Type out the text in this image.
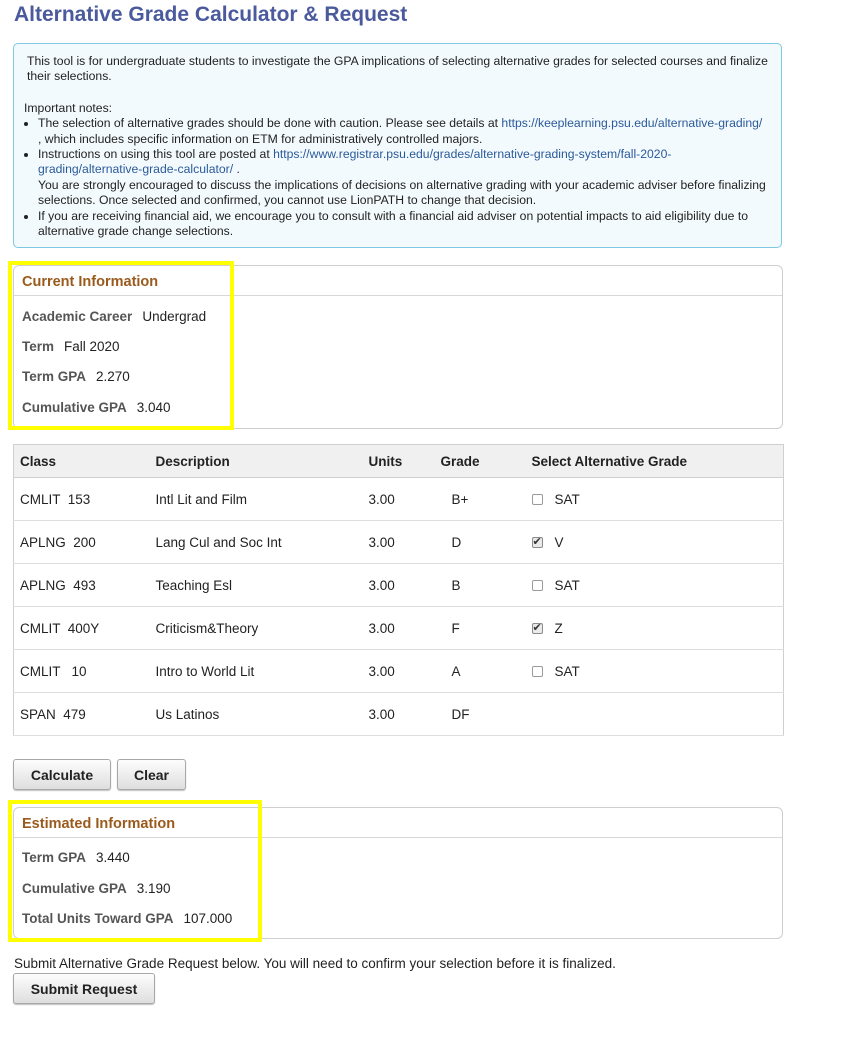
Alternative Grade Calculator & Request

This tool is for undergraduate students to investigate the GPA implications of selecting alternative grades for selected courses and finalize their selections.

Important notes:

• The selection of alternative grades should be done with caution. Please see details at https://keeplearning.psu.edu/alternative-grading/ , which includes specific information on ETM for administratively controlled majors.
• Instructions on using this tool are posted at https://www.registrar.psu.edu/grades/alternative-grading-system/fall-2020-grading/alternative-grade-calculator/ .
You are strongly encouraged to discuss the implications of decisions on alternative grading with your academic adviser before finalizing selections. Once selected and confirmed, you cannot use LionPATH to change that decision.
• If you are receiving financial aid, we encourage you to consult with a financial aid adviser on potential impacts to aid eligibility due to alternative grade change selections.
Current Information
Academic Career Undergrad
Term Fall 2020
Term GPA 2.270
Cumulative GPA 3.040
Class	Description	Units	Grade	Select Alternative Grade
CMLIT  153	Intl Lit and Film	3.00	B+	SAT
APLNG  200	Lang Cul and Soc Int	3.00	D	✔V
APLNG  493	Teaching Esl	3.00	B	SAT
CMLIT  400Y	Criticism&Theory	3.00	F	✔Z
CMLIT   10	Intro to World Lit	3.00	A	SAT
SPAN  479	Us Latinos	3.00	DF	
Calculate	Clear
Estimated Information
Term GPA 3.440
Cumulative GPA 3.190
Total Units Toward GPA 107.000
Submit Alternative Grade Request below. You will need to confirm your selection before it is finalized.
Submit Request
